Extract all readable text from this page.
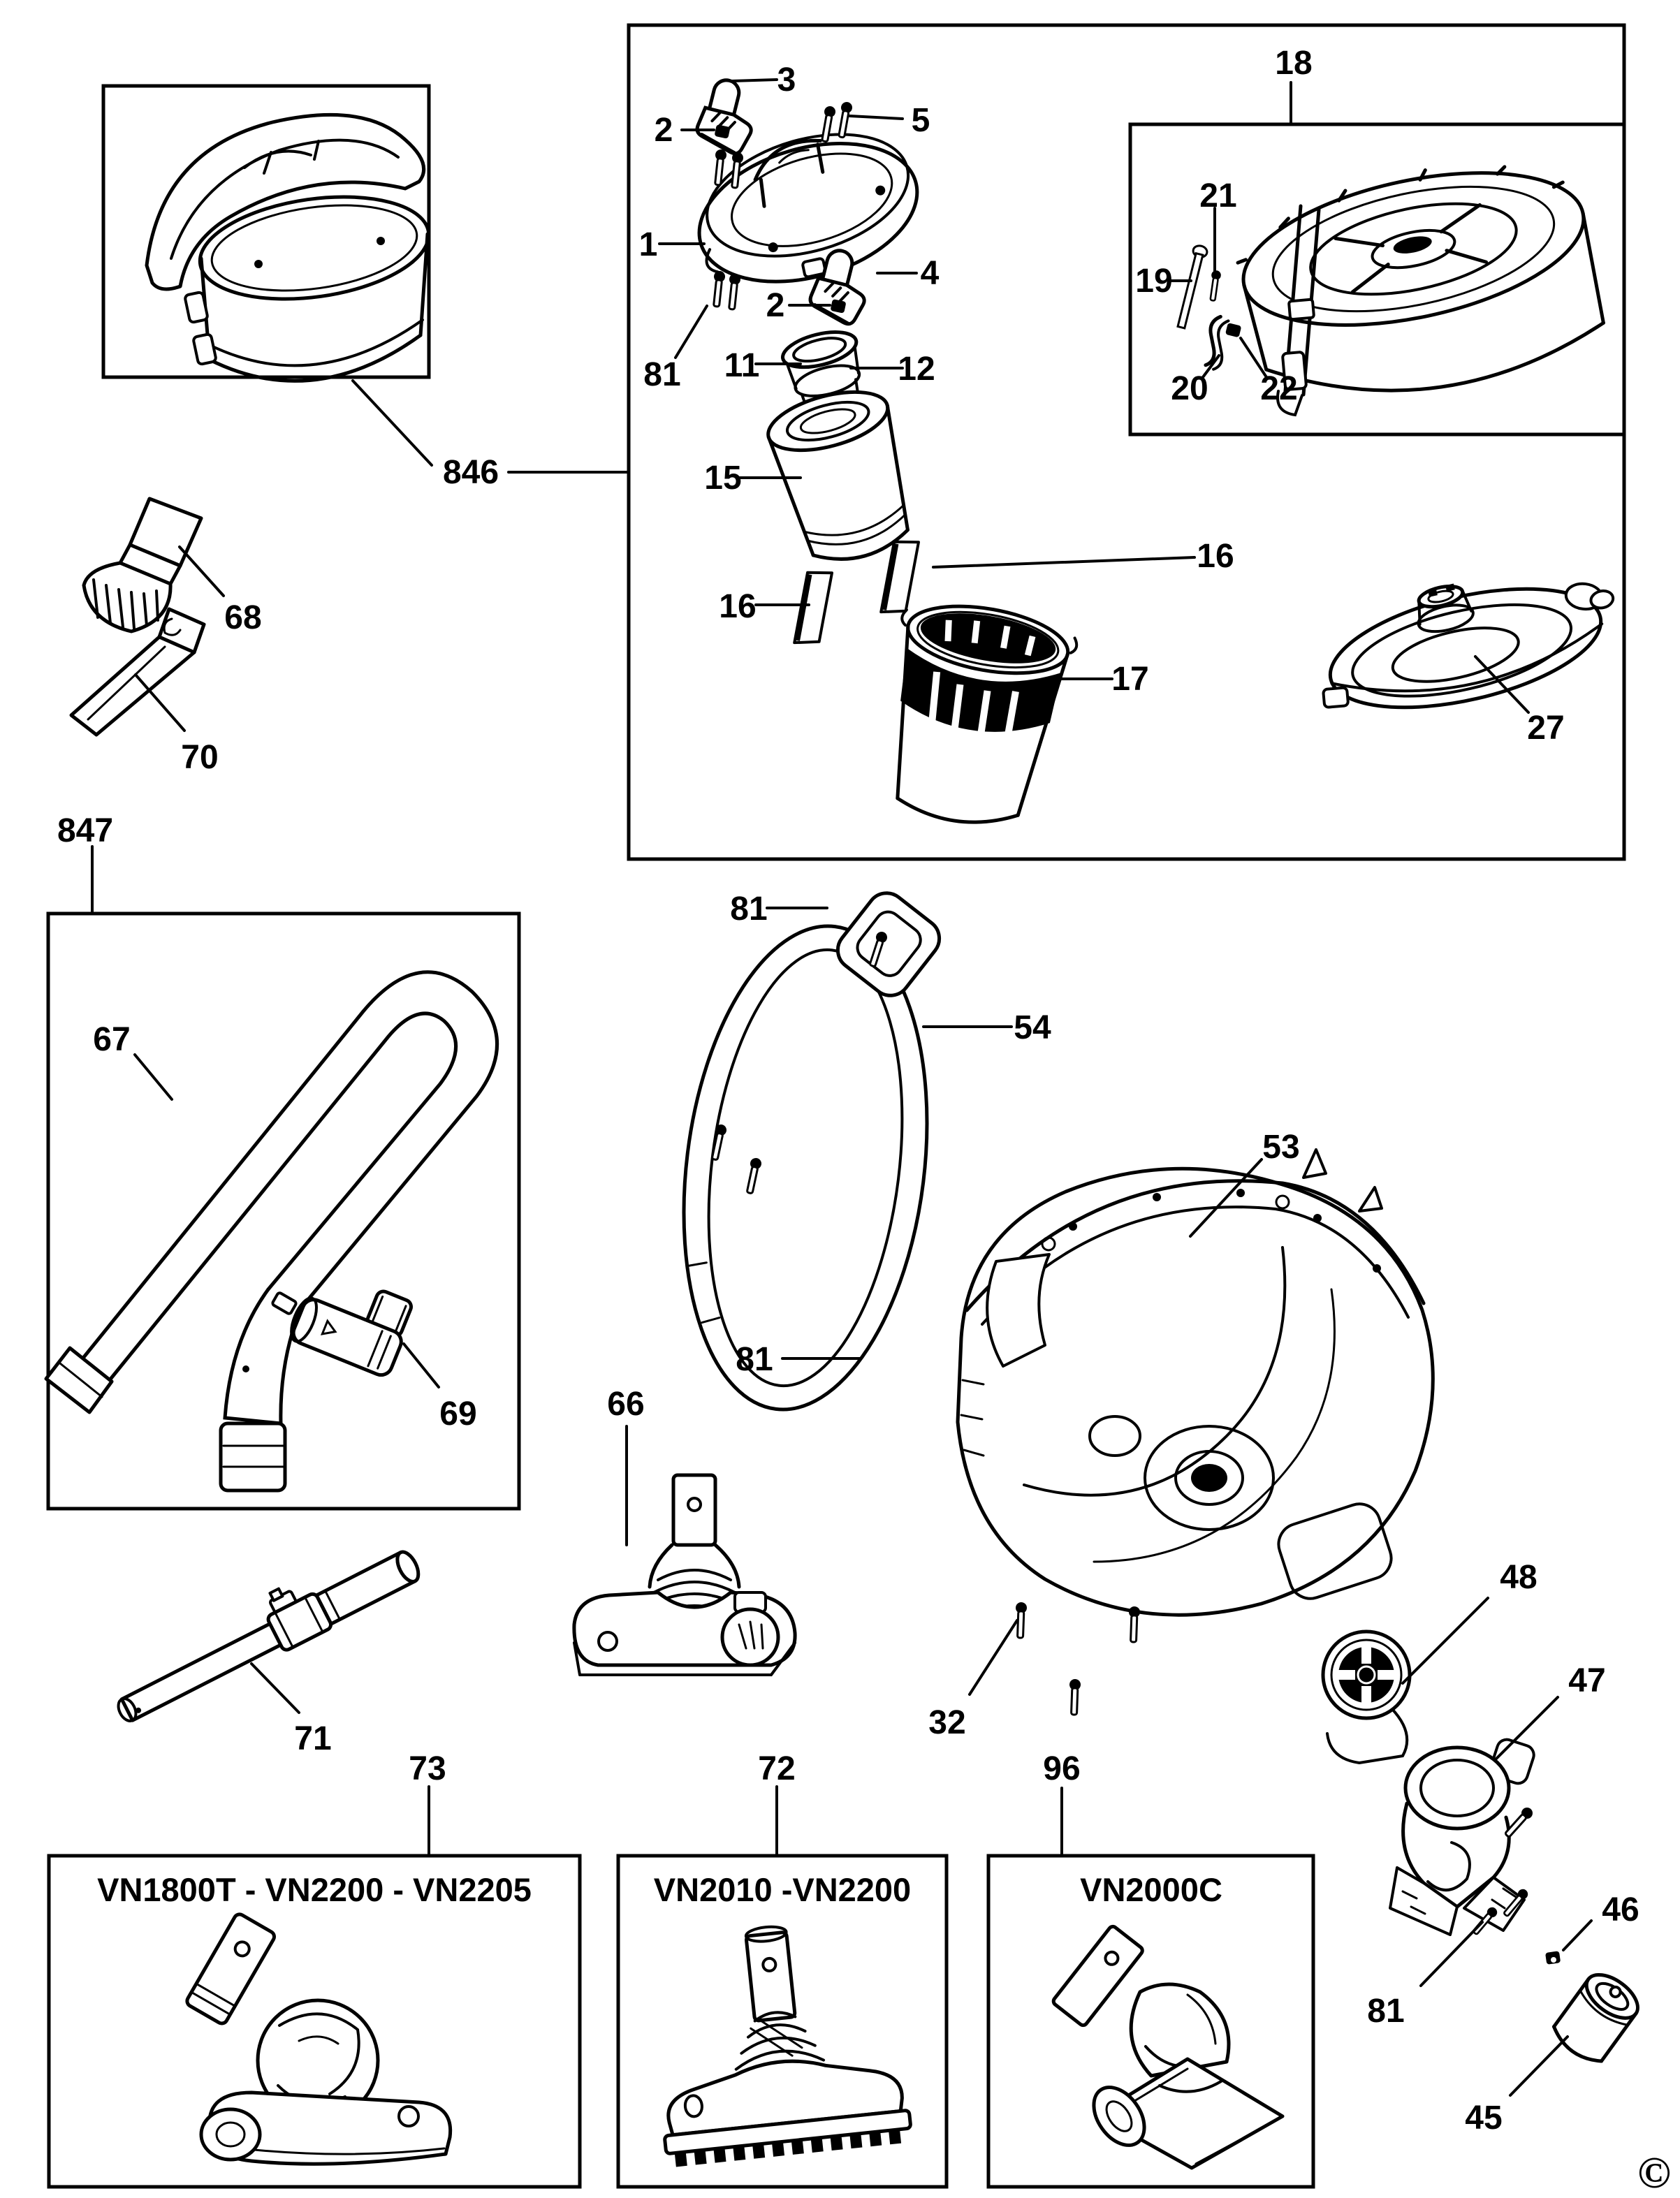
3
2	5
1
4
2
81 11	12
15
16
16
17
18
21
19
20 22
27
846
68
70
847
67
69
81
54
53
81
66
71	32
96
48
47
46
81
45
73	72
VN1800T - VN2200 - VN2205	VN2010 -VN2200	VN2000C
©
